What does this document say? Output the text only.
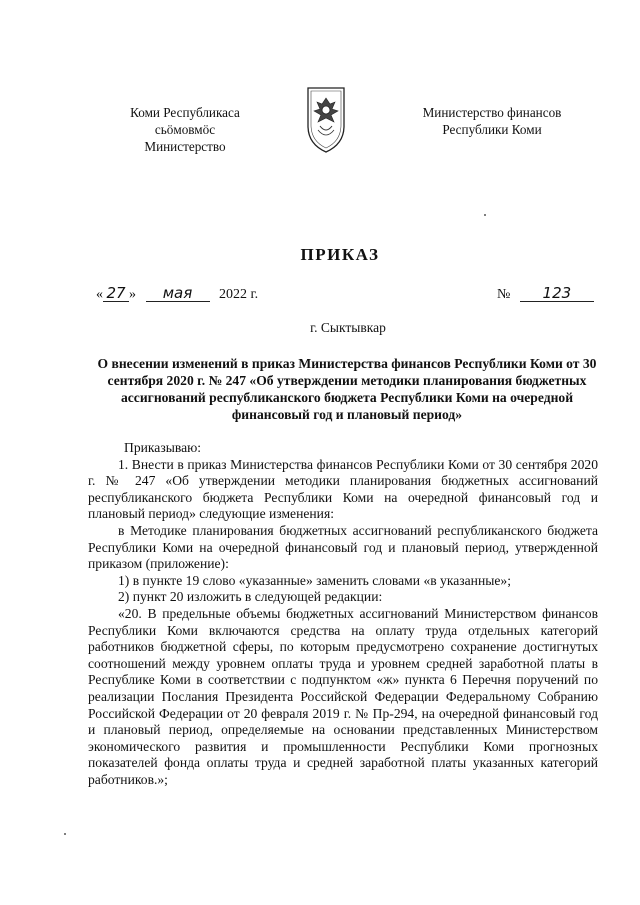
Коми Республикаса
сьӧмовмӧс
Министерство
Министерство финансов
Республики Коми
ПРИКАЗ
« 27 » мая 2022 г.	№ 123
г. Сыктывкар
О внесении изменений в приказ Министерства финансов Республики Коми от 30 сентября 2020 г. № 247 «Об утверждении методики планирования бюджетных ассигнований республиканского бюджета Республики Коми на очередной финансовый год и плановый период»

Приказываю:

1. Внести в приказ Министерства финансов Республики Коми от 30 сентября 2020 г. № 247 «Об утверждении методики планирования бюджетных ассигнований республиканского бюджета Республики Коми на очередной финансовый год и плановый период» следующие изменения:

в Методике планирования бюджетных ассигнований республиканского бюджета Республики Коми на очередной финансовый год и плановый период, утвержденной приказом (приложение):

1) в пункте 19 слово «указанные» заменить словами «в указанные»;

2) пункт 20 изложить в следующей редакции:

«20. В предельные объемы бюджетных ассигнований Министерством финансов Республики Коми включаются средства на оплату труда отдельных категорий работников бюджетной сферы, по которым предусмотрено сохранение достигнутых соотношений между уровнем оплаты труда и уровнем средней заработной платы в Республике Коми в соответствии с подпунктом «ж» пункта 6 Перечня поручений по реализации Послания Президента Российской Федерации Федеральному Собранию Российской Федерации от 20 февраля 2019 г. № Пр-294, на очередной финансовый год и плановый период, определяемые на основании представленных Министерством экономического развития и промышленности Республики Коми прогнозных показателей фонда оплаты труда и средней заработной платы указанных категорий работников.»;
